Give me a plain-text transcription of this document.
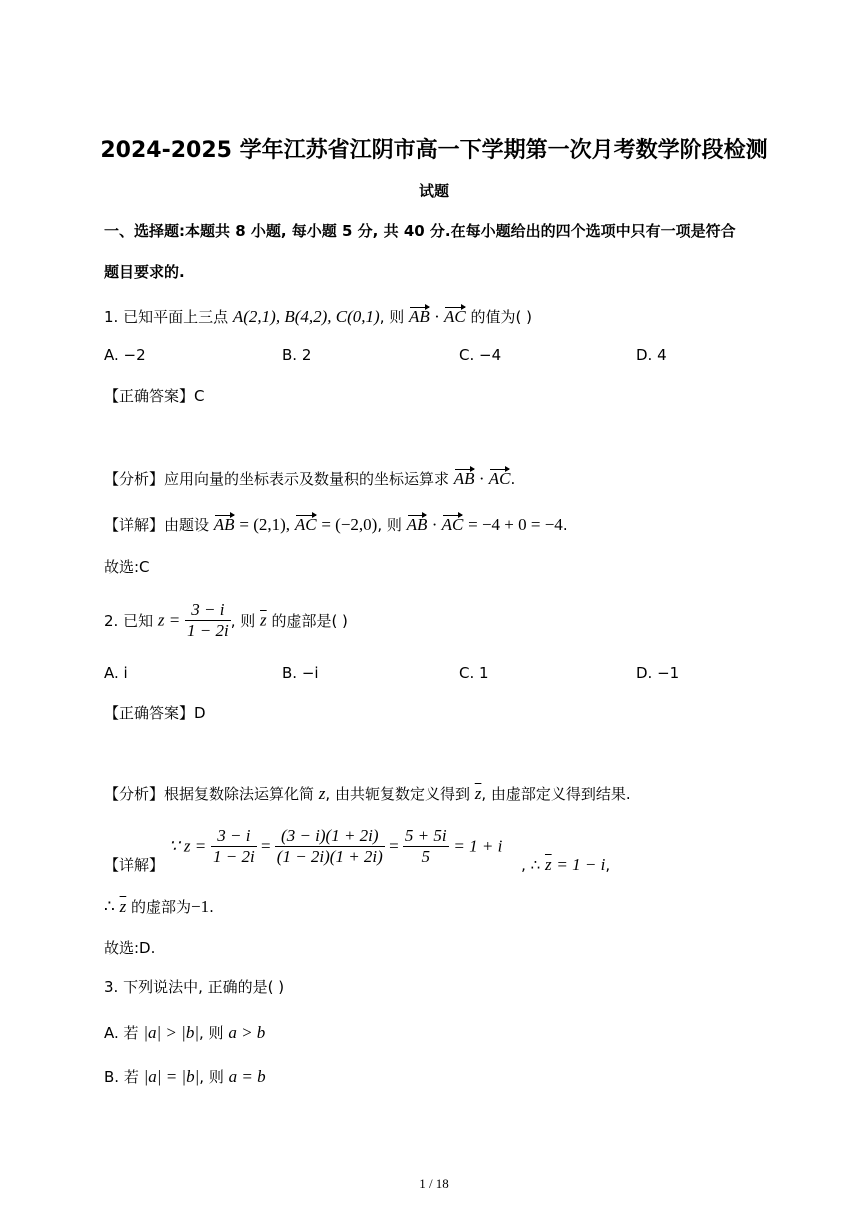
2024-2025 学年江苏省江阴市高一下学期第一次月考数学阶段检测
试题
一、选择题:本题共 8 小题, 每小题 5 分, 共 40 分.在每小题给出的四个选项中只有一项是符合
题目要求的.
1. 已知平面上三点 A(2,1), B(4,2), C(0,1), 则 AB · AC 的值为( )
A. −2	B. 2	C. −4	D. 4
【正确答案】C
【分析】应用向量的坐标表示及数量积的坐标运算求 AB · AC.
【详解】由题设 AB = (2,1), AC = (−2,0), 则 AB · AC = −4 + 0 = −4.
故选:C
2. 已知 $z = \frac{3 - i}{1 - 2i}$ , 则 $\overline{z}$ 的虚部是( )
A. i	B. −i	C. 1	D. −1
【正确答案】D
【分析】根据复数除法运算化简 z, 由共轭复数定义得到 $\overline{z}$, 由虚部定义得到结果.
【详解】 ∵ $z = \frac{3 - i}{1 - 2i} = \frac{(3 - i)(1 + 2i)}{(1 - 2i)(1 + 2i)} = \frac{5 + 5i}{5} = 1 + i$ , ∴ $\overline{z} = 1 - i$,
∴ $\overline{z}$ 的虚部为−1.
故选:D.
3. 下列说法中, 正确的是( )
A. 若 |a| > |b|, 则 a > b
B. 若 |a| = |b|, 则 a = b
1 / 18
